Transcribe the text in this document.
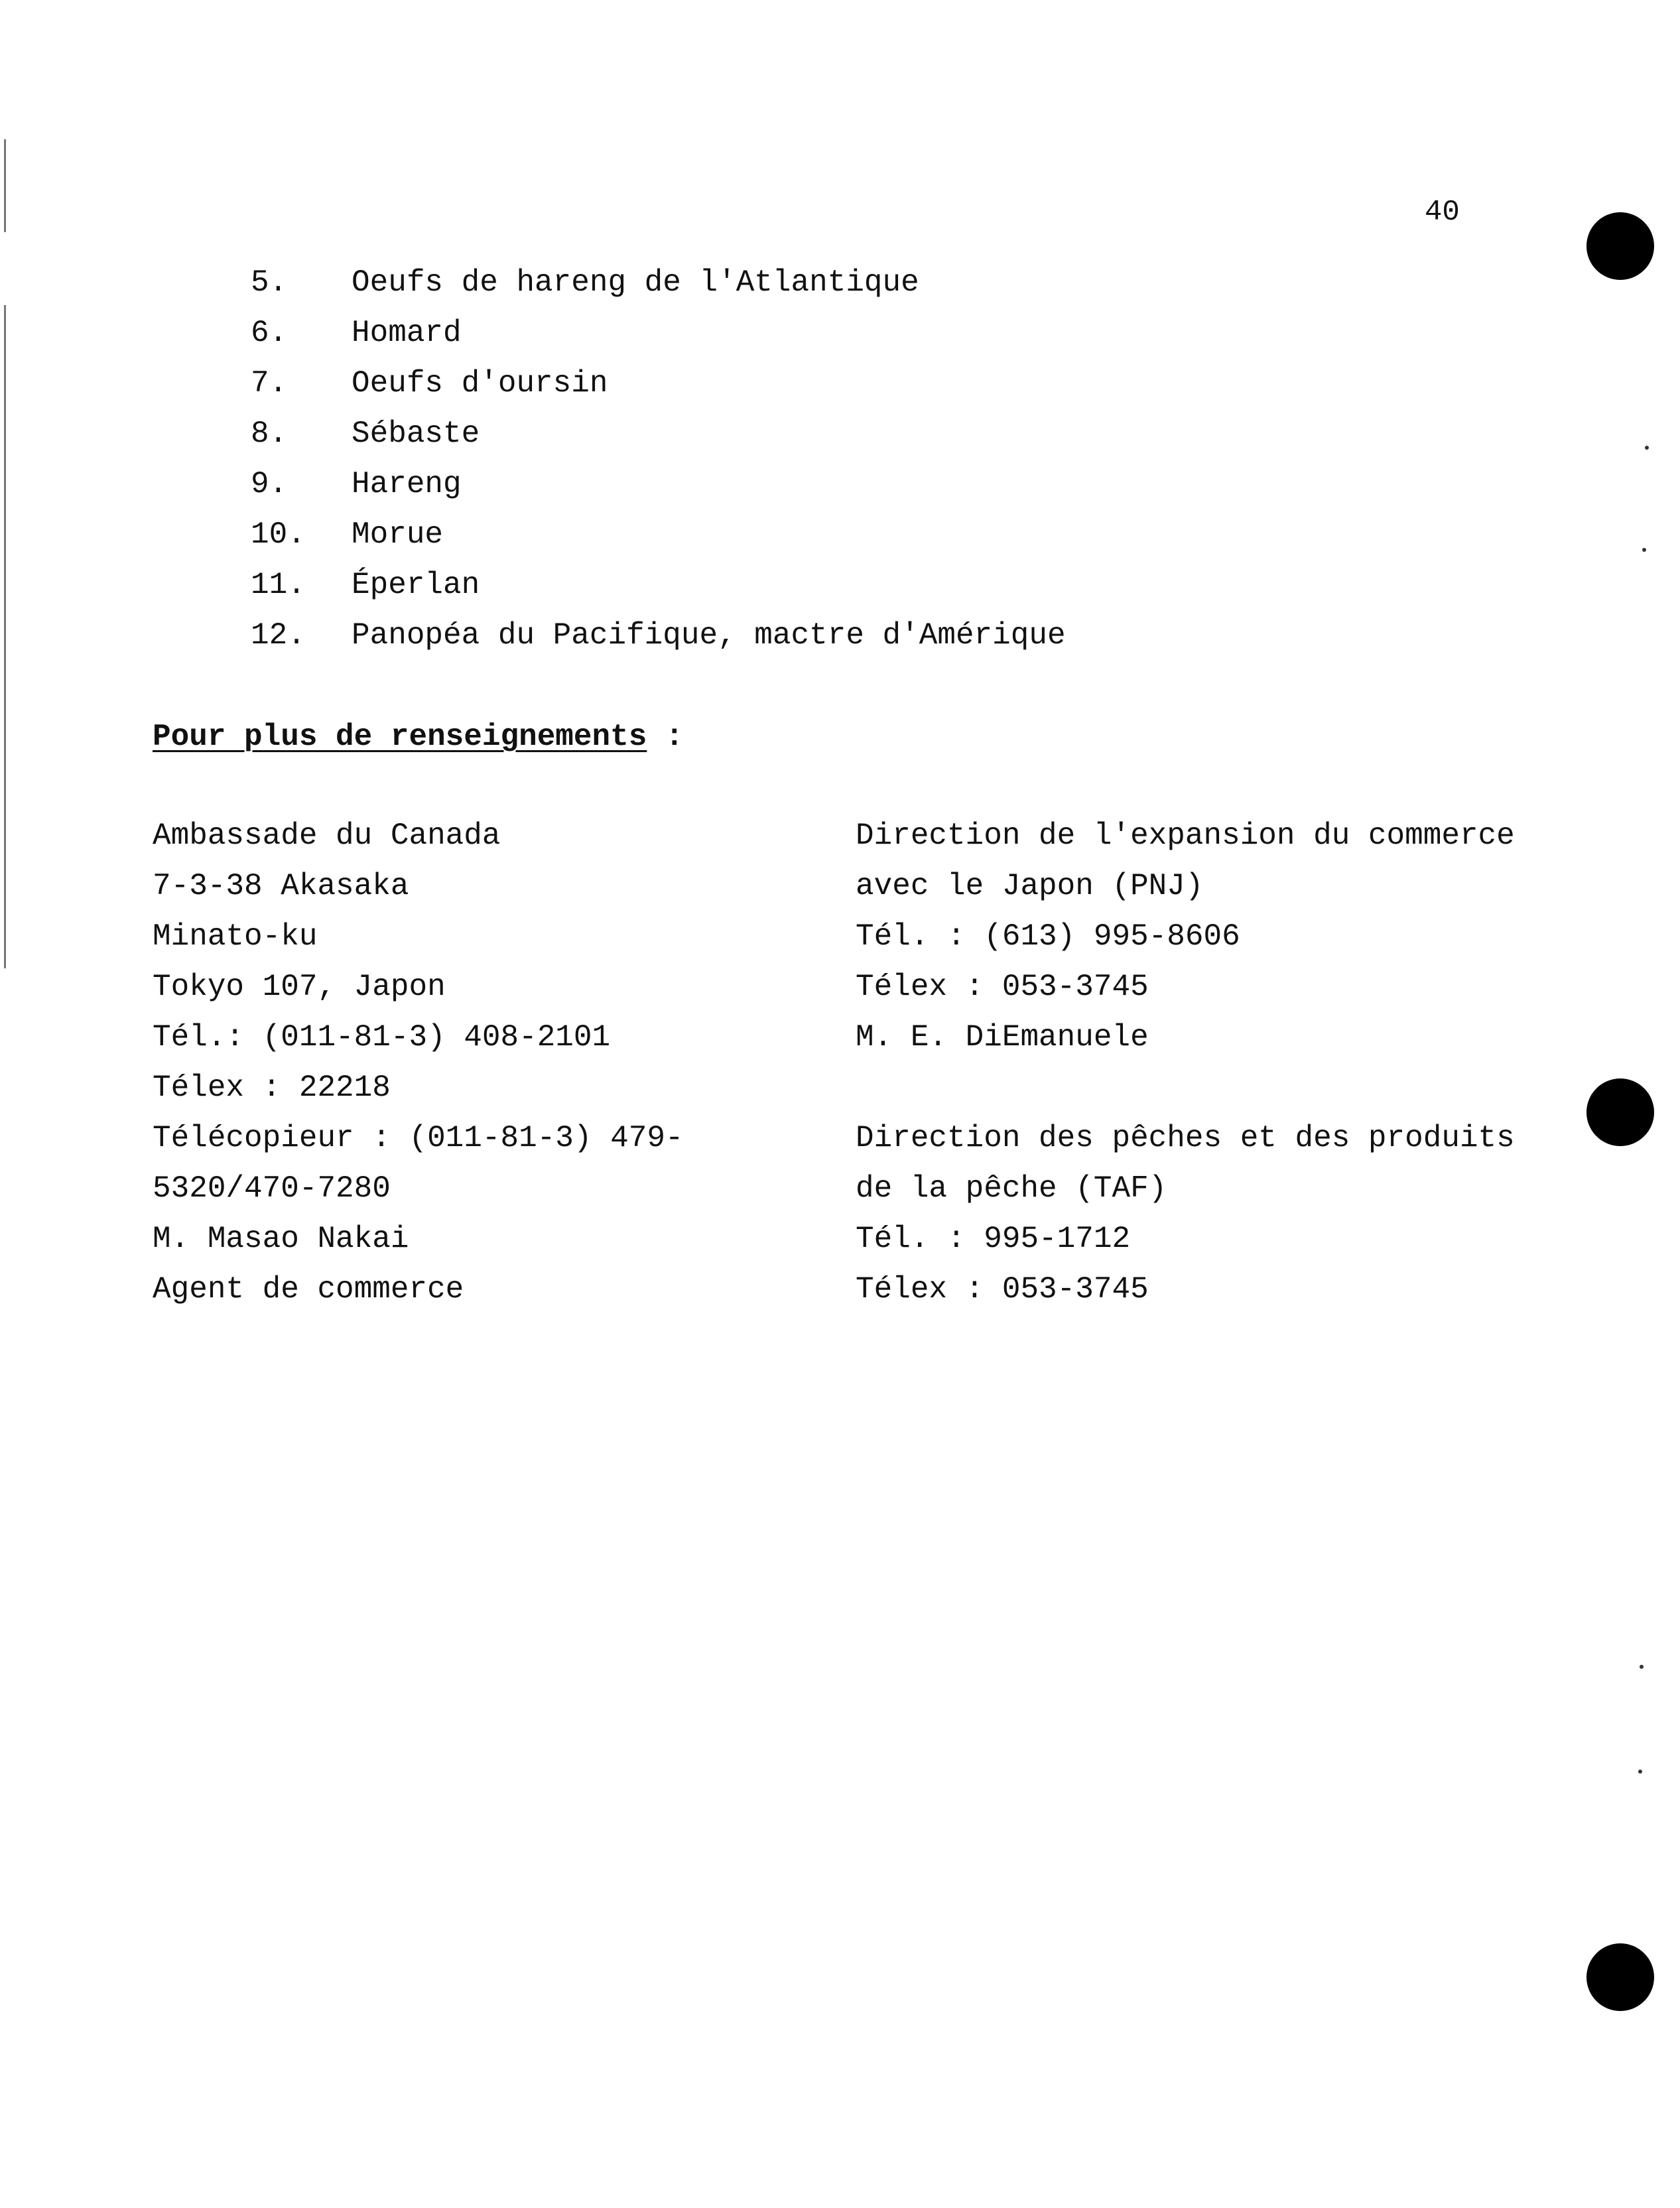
40
5.	Oeufs de hareng de l'Atlantique
6.	Homard
7.	Oeufs d'oursin
8.	Sébaste
9.	Hareng
10.	Morue
11.	Éperlan
12.	Panopéa du Pacifique, mactre d'Amérique
Pour plus de renseignements :
Ambassade du Canada
7-3-38 Akasaka
Minato-ku
Tokyo 107, Japon
Tél.: (011-81-3) 408-2101
Télex : 22218
Télécopieur : (011-81-3) 479-
5320/470-7280
M. Masao Nakai
Agent de commerce
Direction de l'expansion du commerce
avec le Japon (PNJ)
Tél. : (613) 995-8606
Télex : 053-3745
M. E. DiEmanuele
Direction des pêches et des produits
de la pêche (TAF)
Tél. : 995-1712
Télex : 053-3745
